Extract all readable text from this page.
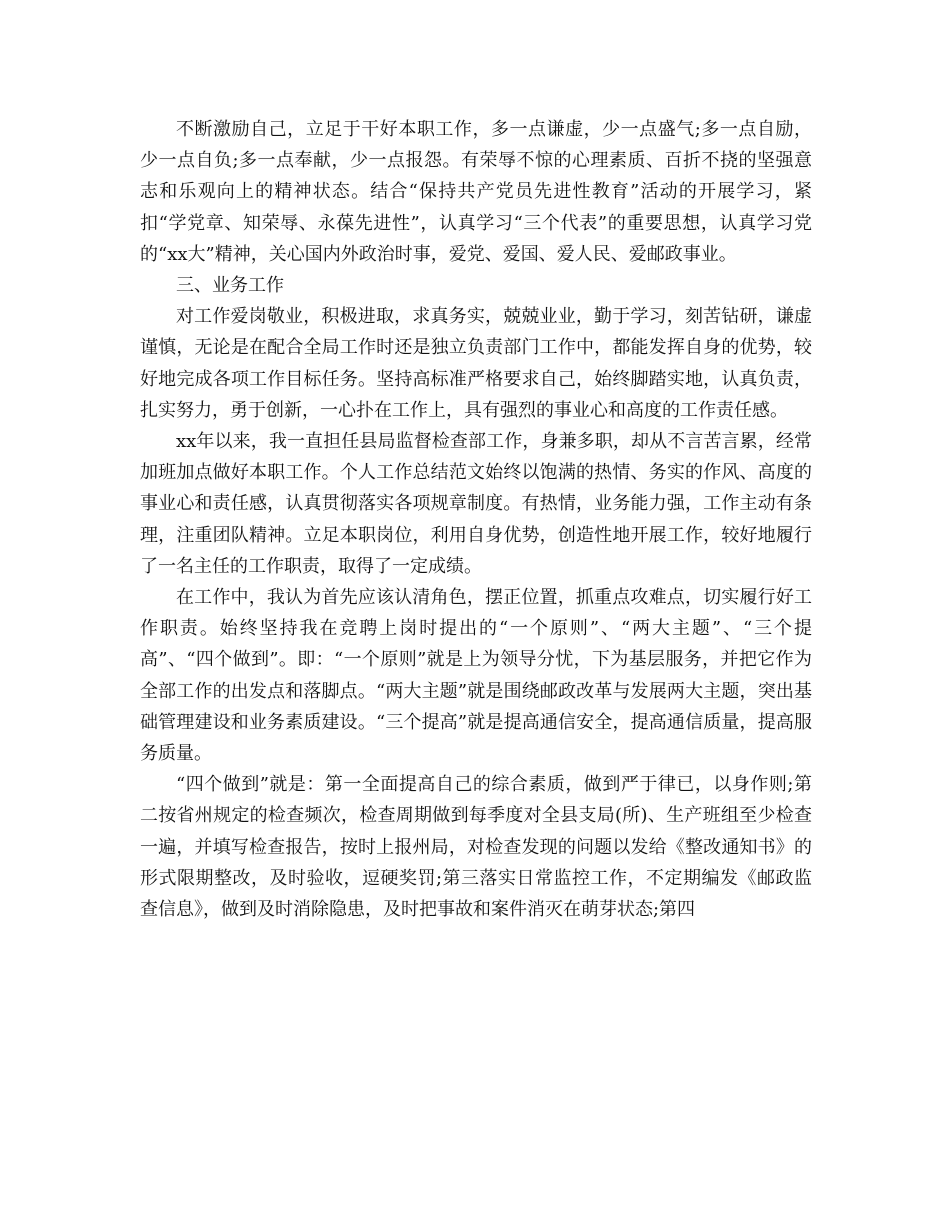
不断激励自己，立足于干好本职工作，多一点谦虚，少一点盛气;多一点自励，少一点自负;多一点奉献，少一点报怨。有荣辱不惊的心理素质、百折不挠的坚强意志和乐观向上的精神状态。结合“保持共产党员先进性教育”活动的开展学习，紧扣“学党章、知荣辱、永葆先进性”，认真学习“三个代表”的重要思想，认真学习党的“xx大”精神，关心国内外政治时事，爱党、爱国、爱人民、爱邮政事业。

三、业务工作

对工作爱岗敬业，积极进取，求真务实，兢兢业业，勤于学习，刻苦钻研，谦虚谨慎，无论是在配合全局工作时还是独立负责部门工作中，都能发挥自身的优势，较好地完成各项工作目标任务。坚持高标准严格要求自己，始终脚踏实地，认真负责，扎实努力，勇于创新，一心扑在工作上，具有强烈的事业心和高度的工作责任感。

xx年以来，我一直担任县局监督检查部工作，身兼多职，却从不言苦言累，经常加班加点做好本职工作。个人工作总结范文始终以饱满的热情、务实的作风、高度的事业心和责任感，认真贯彻落实各项规章制度。有热情，业务能力强，工作主动有条理，注重团队精神。立足本职岗位，利用自身优势，创造性地开展工作，较好地履行了一名主任的工作职责，取得了一定成绩。

在工作中，我认为首先应该认清角色，摆正位置，抓重点攻难点，切实履行好工作职责。始终坚持我在竞聘上岗时提出的“一个原则”、“两大主题”、“三个提高”、“四个做到”。即：“一个原则”就是上为领导分忧，下为基层服务，并把它作为全部工作的出发点和落脚点。“两大主题”就是围绕邮政改革与发展两大主题，突出基础管理建设和业务素质建设。“三个提高”就是提高通信安全，提高通信质量，提高服务质量。

“四个做到”就是：第一全面提高自己的综合素质，做到严于律已，以身作则;第二按省州规定的检查频次，检查周期做到每季度对全县支局(所)、生产班组至少检查一遍，并填写检查报告，按时上报州局，对检查发现的问题以发给《整改通知书》的形式限期整改，及时验收，逗硬奖罚;第三落实日常监控工作，不定期编发《邮政监查信息》，做到及时消除隐患，及时把事故和案件消灭在萌芽状态;第四
